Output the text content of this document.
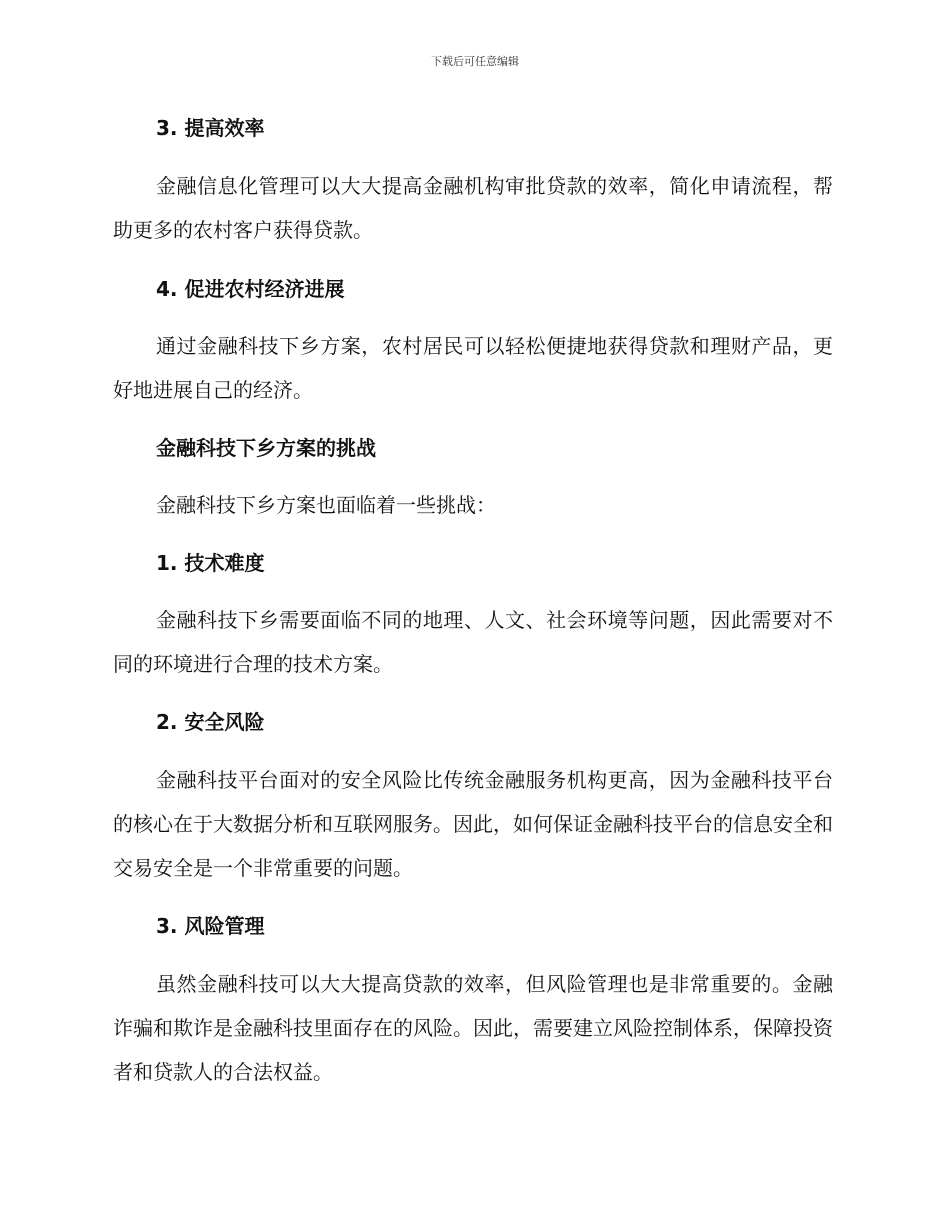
下载后可任意编辑
3. 提高效率
金融信息化管理可以大大提高金融机构审批贷款的效率，简化申请流程，帮助更多的农村客户获得贷款。
4. 促进农村经济进展
通过金融科技下乡方案，农村居民可以轻松便捷地获得贷款和理财产品，更好地进展自己的经济。
金融科技下乡方案的挑战
金融科技下乡方案也面临着一些挑战：
1. 技术难度
金融科技下乡需要面临不同的地理、人文、社会环境等问题，因此需要对不同的环境进行合理的技术方案。
2. 安全风险
金融科技平台面对的安全风险比传统金融服务机构更高，因为金融科技平台的核心在于大数据分析和互联网服务。因此，如何保证金融科技平台的信息安全和交易安全是一个非常重要的问题。
3. 风险管理
虽然金融科技可以大大提高贷款的效率，但风险管理也是非常重要的。金融诈骗和欺诈是金融科技里面存在的风险。因此，需要建立风险控制体系，保障投资者和贷款人的合法权益。
